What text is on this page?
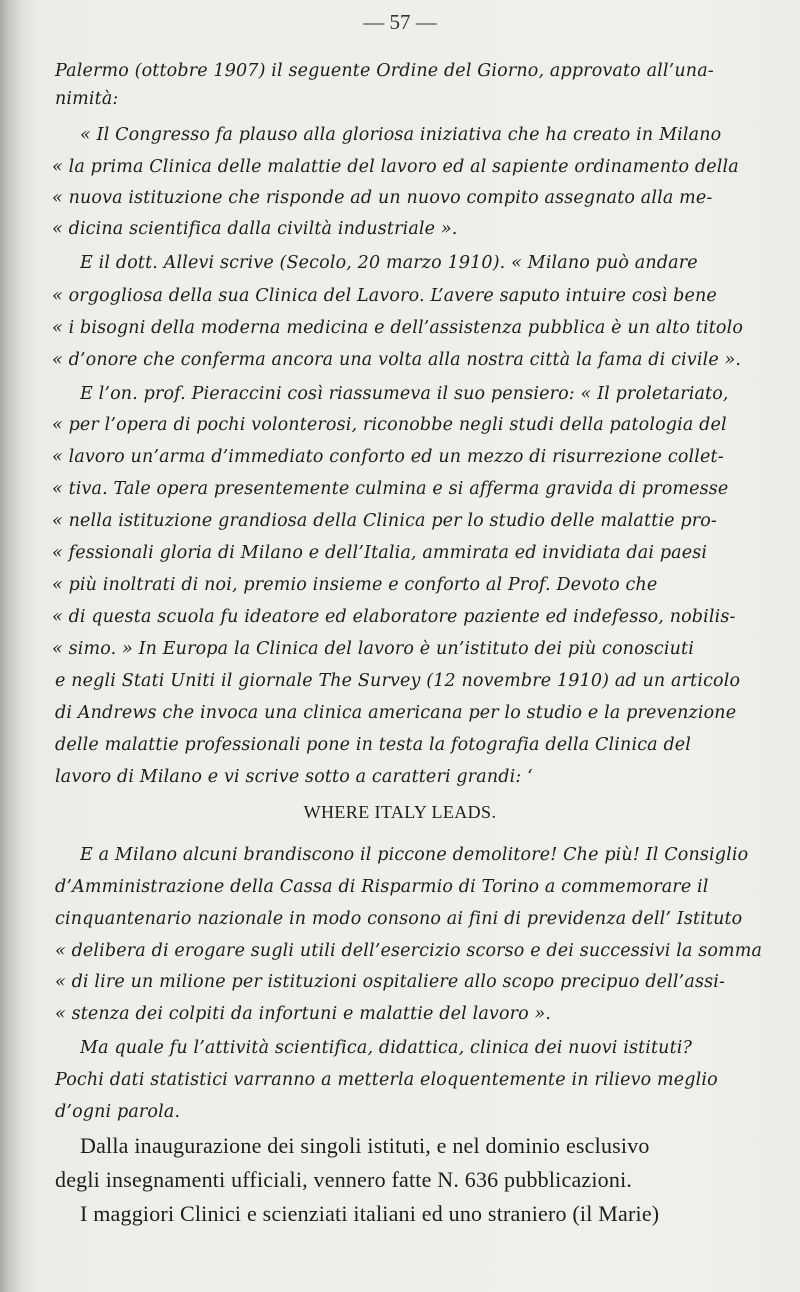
— 57 —
Palermo (ottobre 1907) il seguente Ordine del Giorno, approvato all’una-
nimità:
« Il Congresso fa plauso alla gloriosa iniziativa che ha creato in Milano
« la prima Clinica delle malattie del lavoro ed al sapiente ordinamento della
« nuova istituzione che risponde ad un nuovo compito assegnato alla me-
« dicina scientifica dalla civiltà industriale ».
E il dott. Allevi scrive (Secolo, 20 marzo 1910). « Milano può andare
« orgogliosa della sua Clinica del Lavoro. L’avere saputo intuire così bene
« i bisogni della moderna medicina e dell’assistenza pubblica è un alto titolo
« d’onore che conferma ancora una volta alla nostra città la fama di civile ».
E l’on. prof. Pieraccini così riassumeva il suo pensiero: « Il proletariato,
« per l’opera di pochi volonterosi, riconobbe negli studi della patologia del
« lavoro un’arma d’immediato conforto ed un mezzo di risurrezione collet-
« tiva. Tale opera presentemente culmina e si afferma gravida di promesse
« nella istituzione grandiosa della Clinica per lo studio delle malattie pro-
« fessionali gloria di Milano e dell’Italia, ammirata ed invidiata dai paesi
« più inoltrati di noi, premio insieme e conforto al Prof. Devoto che
« di questa scuola fu ideatore ed elaboratore paziente ed indefesso, nobilis-
« simo. » In Europa la Clinica del lavoro è un’istituto dei più conosciuti
e negli Stati Uniti il giornale The Survey (12 novembre 1910) ad un articolo
di Andrews che invoca una clinica americana per lo studio e la prevenzione
delle malattie professionali pone in testa la fotografia della Clinica del
lavoro di Milano e vi scrive sotto a caratteri grandi: ‘
WHERE ITALY LEADS.
E a Milano alcuni brandiscono il piccone demolitore! Che più! Il Consiglio
d’Amministrazione della Cassa di Risparmio di Torino a commemorare il
cinquantenario nazionale in modo consono ai fini di previdenza dell’ Istituto
« delibera di erogare sugli utili dell’esercizio scorso e dei successivi la somma
« di lire un milione per istituzioni ospitaliere allo scopo precipuo dell’assi-
« stenza dei colpiti da infortuni e malattie del lavoro ».
Ma quale fu l’attività scientifica, didattica, clinica dei nuovi istituti?
Pochi dati statistici varranno a metterla eloquentemente in rilievo meglio
d’ogni parola.
Dalla inaugurazione dei singoli istituti, e nel dominio esclusivo
degli insegnamenti ufficiali, vennero fatte N. 636 pubblicazioni.
I maggiori Clinici e scienziati italiani ed uno straniero (il Marie)
